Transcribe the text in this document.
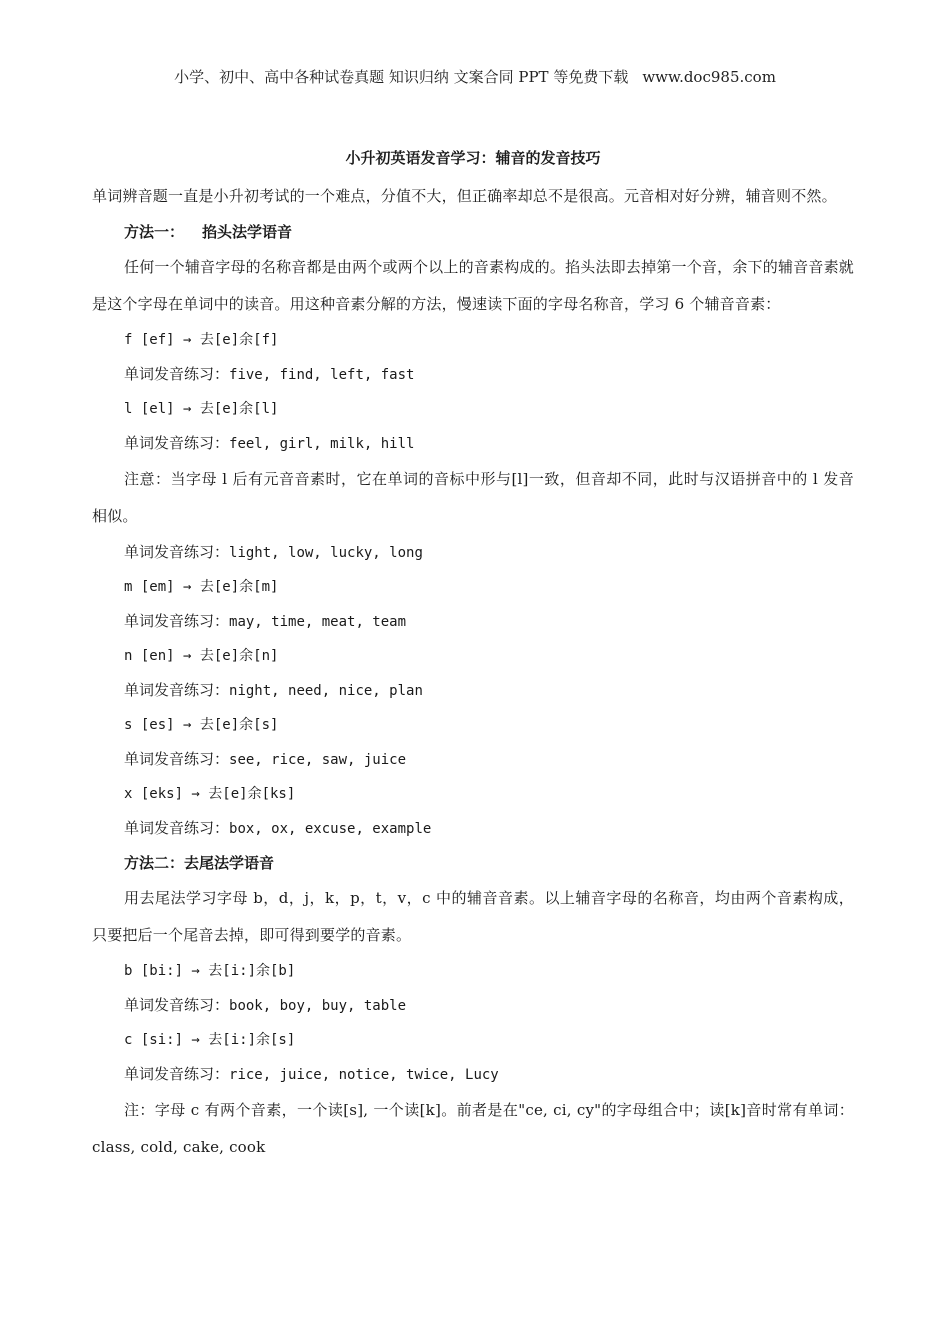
小学、初中、高中各种试卷真题 知识归纳 文案合同 PPT 等免费下载 www.doc985.com
小升初英语发音学习：辅音的发音技巧

单词辨音题一直是小升初考试的一个难点，分值不大，但正确率却总不是很高。元音相对好分辨，辅音则不然。

方法一： 掐头法学语音

任何一个辅音字母的名称音都是由两个或两个以上的音素构成的。掐头法即去掉第一个音，余下的辅音音素就是这个字母在单词中的读音。用这种音素分解的方法，慢速读下面的字母名称音，学习 6 个辅音音素：

f [ef] → 去[e]余[f]

单词发音练习：five, find, left, fast

l [el] → 去[e]余[l]

单词发音练习：feel, girl, milk, hill

注意：当字母 l 后有元音音素时，它在单词的音标中形与[l]一致，但音却不同，此时与汉语拼音中的 l 发音相似。

单词发音练习：light, low, lucky, long

m [em] → 去[e]余[m]

单词发音练习：may, time, meat, team

n [en] → 去[e]余[n]

单词发音练习：night, need, nice, plan

s [es] → 去[e]余[s]

单词发音练习：see, rice, saw, juice

x [eks] → 去[e]余[ks]

单词发音练习：box, ox, excuse, example

方法二：去尾法学语音

用去尾法学习字母 b，d，j，k，p，t，v，c 中的辅音音素。以上辅音字母的名称音，均由两个音素构成，只要把后一个尾音去掉，即可得到要学的音素。

b [bi:] → 去[i:]余[b]

单词发音练习：book, boy, buy, table

c [si:] → 去[i:]余[s]

单词发音练习：rice, juice, notice, twice, Lucy

注：字母 c 有两个音素，一个读[s], 一个读[k]。前者是在"ce, ci, cy"的字母组合中；读[k]音时常有单词：class, cold, cake, cook
